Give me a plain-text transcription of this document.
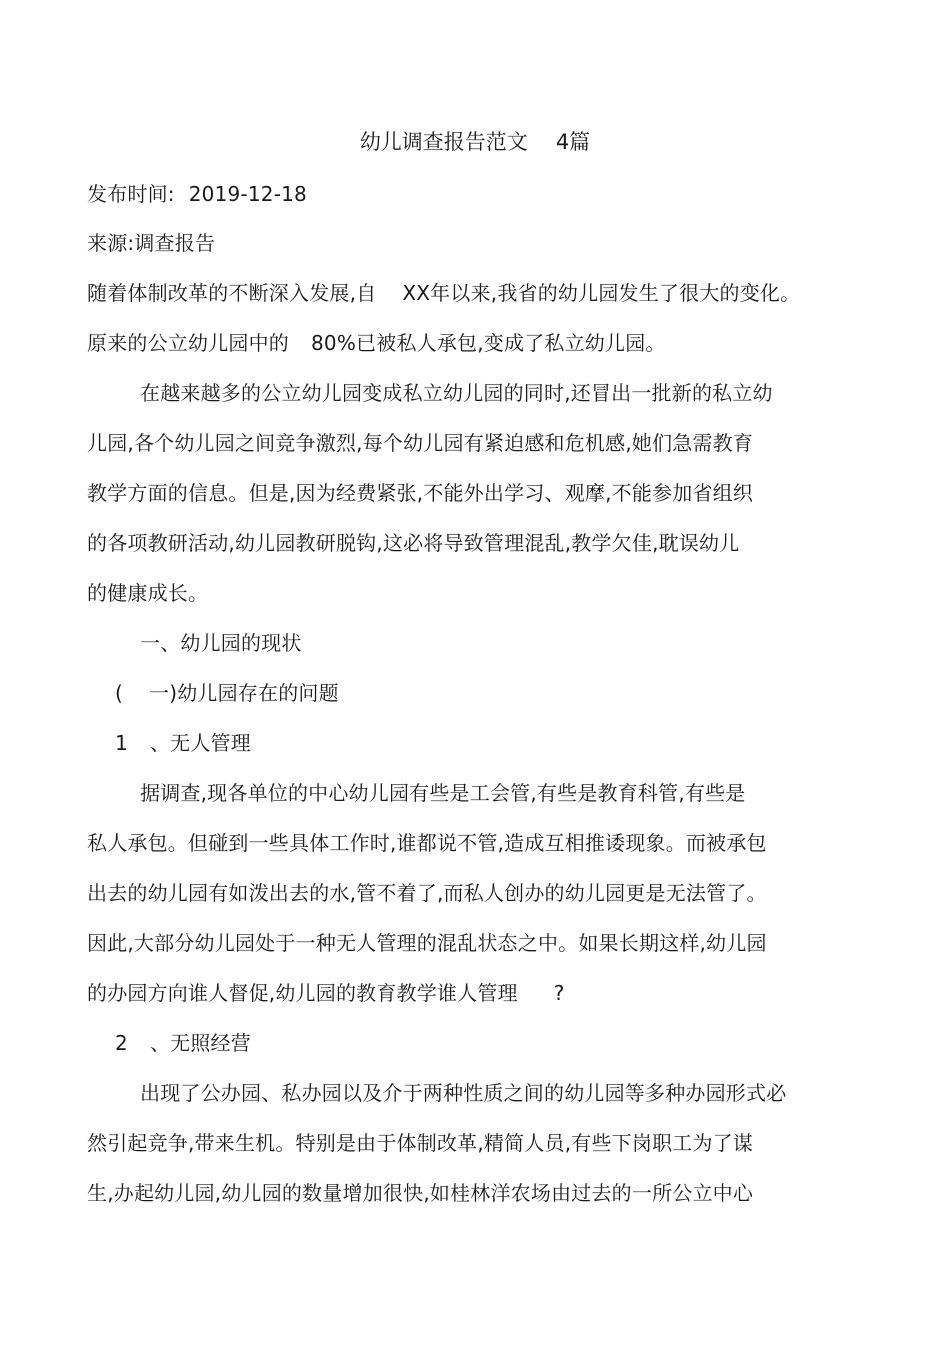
幼儿调查报告范文 4篇
发布时间: 2019-12-18
来源:调查报告
随着体制改革的不断深入发展,自 XX年以来,我省的幼儿园发生了很大的变化。
原来的公立幼儿园中的 80%已被私人承包,变成了私立幼儿园。
在越来越多的公立幼儿园变成私立幼儿园的同时,还冒出一批新的私立幼
儿园,各个幼儿园之间竞争激烈,每个幼儿园有紧迫感和危机感,她们急需教育
教学方面的信息。但是,因为经费紧张,不能外出学习、观摩,不能参加省组织
的各项教研活动,幼儿园教研脱钩,这必将导致管理混乱,教学欠佳,耽误幼儿
的健康成长。
一、幼儿园的现状
( 一)幼儿园存在的问题
1 、无人管理
据调查,现各单位的中心幼儿园有些是工会管,有些是教育科管,有些是
私人承包。但碰到一些具体工作时,谁都说不管,造成互相推诿现象。而被承包
出去的幼儿园有如泼出去的水,管不着了,而私人创办的幼儿园更是无法管了。
因此,大部分幼儿园处于一种无人管理的混乱状态之中。如果长期这样,幼儿园
的办园方向谁人督促,幼儿园的教育教学谁人管理 ?
2 、无照经营
出现了公办园、私办园以及介于两种性质之间的幼儿园等多种办园形式必
然引起竞争,带来生机。特别是由于体制改革,精简人员,有些下岗职工为了谋
生,办起幼儿园,幼儿园的数量增加很快,如桂林洋农场由过去的一所公立中心
